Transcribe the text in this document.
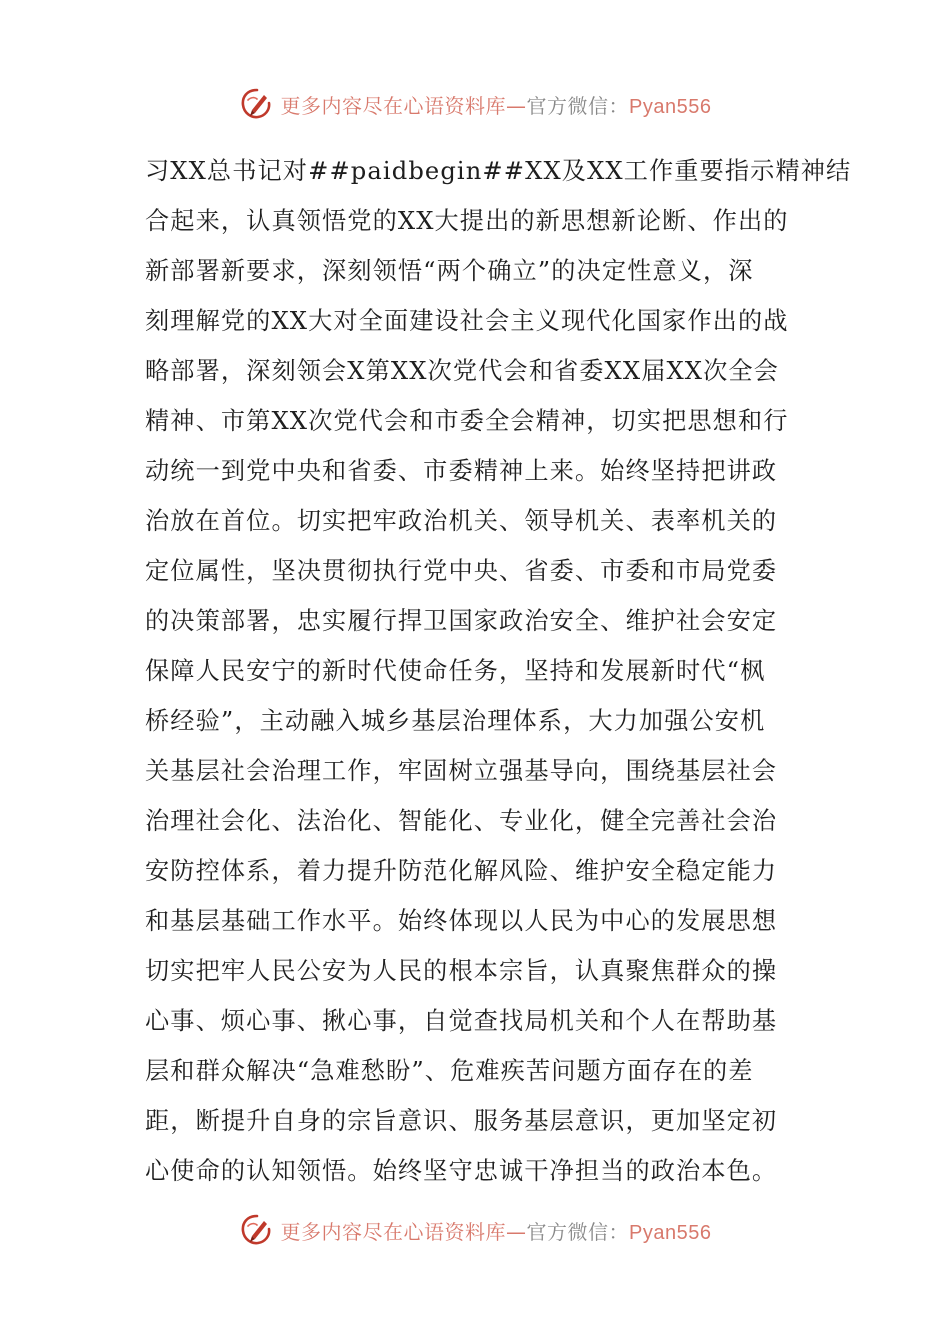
更多内容尽在心语资料库—官方微信：Pyan556
习XX总书记对##paidbegin##XX及XX工作重要指示精神结
合起来，认真领悟党的XX大提出的新思想新论断、作出的
新部署新要求，深刻领悟“两个确立”的决定性意义，深
刻理解党的XX大对全面建设社会主义现代化国家作出的战
略部署，深刻领会X第XX次党代会和省委XX届XX次全会
精神、市第XX次党代会和市委全会精神，切实把思想和行
动统一到党中央和省委、市委精神上来。始终坚持把讲政
治放在首位。切实把牢政治机关、领导机关、表率机关的
定位属性，坚决贯彻执行党中央、省委、市委和市局党委
的决策部署，忠实履行捍卫国家政治安全、维护社会安定
保障人民安宁的新时代使命任务，坚持和发展新时代“枫
桥经验”，主动融入城乡基层治理体系，大力加强公安机
关基层社会治理工作，牢固树立强基导向，围绕基层社会
治理社会化、法治化、智能化、专业化，健全完善社会治
安防控体系，着力提升防范化解风险、维护安全稳定能力
和基层基础工作水平。始终体现以人民为中心的发展思想
切实把牢人民公安为人民的根本宗旨，认真聚焦群众的操
心事、烦心事、揪心事，自觉查找局机关和个人在帮助基
层和群众解决“急难愁盼”、危难疾苦问题方面存在的差
距，断提升自身的宗旨意识、服务基层意识，更加坚定初
心使命的认知领悟。始终坚守忠诚干净担当的政治本色。
更多内容尽在心语资料库—官方微信：Pyan556
